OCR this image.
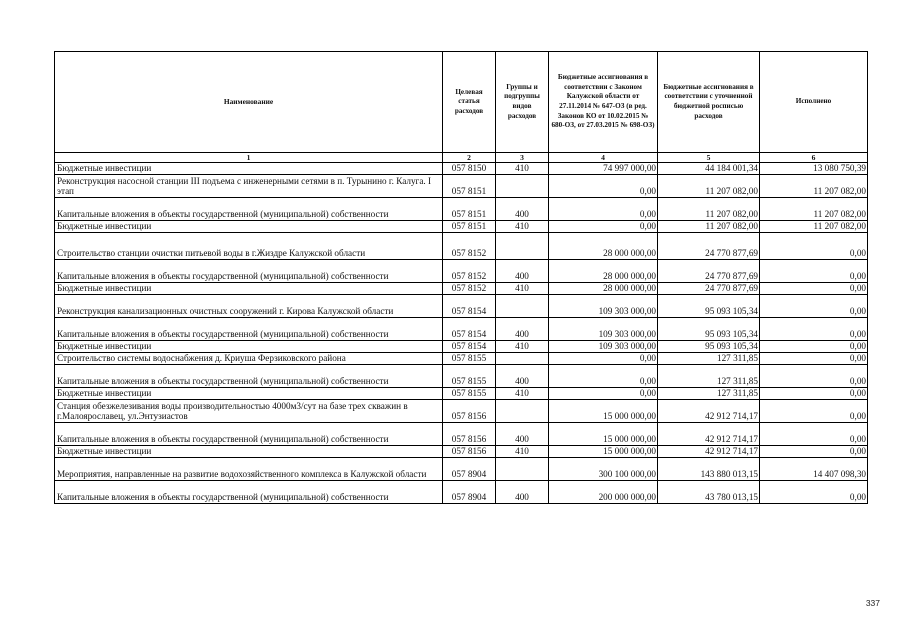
Наименование	Целевая статья расходов	Группы и подгруппы видов расходов	Бюджетные ассигнования в соответствии с Законом Калужской области от 27.11.2014 № 647-ОЗ (в ред. Законов КО от 10.02.2015 № 680-ОЗ, от 27.03.2015 № 698-ОЗ)	Бюджетные ассигнования в соответствии с уточненной бюджетной росписью расходов	Исполнено
1	2	3	4	5	6
Бюджетные инвестиции	057 8150	410	74 997 000,00	44 184 001,34	13 080 750,39
Реконструкция насосной станции III подъема с инженерными сетями в п. Турынино г. Калуга. I этап	057 8151		0,00	11 207 082,00	11 207 082,00
Капитальные вложения в объекты государственной (муниципальной) собственности	057 8151	400	0,00	11 207 082,00	11 207 082,00
Бюджетные инвестиции	057 8151	410	0,00	11 207 082,00	11 207 082,00
Строительство станции очистки питьевой воды в г.Жиздре Калужской области	057 8152		28 000 000,00	24 770 877,69	0,00
Капитальные вложения в объекты государственной (муниципальной) собственности	057 8152	400	28 000 000,00	24 770 877,69	0,00
Бюджетные инвестиции	057 8152	410	28 000 000,00	24 770 877,69	0,00
Реконструкция канализационных очистных сооружений г. Кирова Калужской области	057 8154		109 303 000,00	95 093 105,34	0,00
Капитальные вложения в объекты государственной (муниципальной) собственности	057 8154	400	109 303 000,00	95 093 105,34	0,00
Бюджетные инвестиции	057 8154	410	109 303 000,00	95 093 105,34	0,00
Строительство системы водоснабжения д. Криуша Ферзиковского района	057 8155		0,00	127 311,85	0,00
Капитальные вложения в объекты государственной (муниципальной) собственности	057 8155	400	0,00	127 311,85	0,00
Бюджетные инвестиции	057 8155	410	0,00	127 311,85	0,00
Станция обезжелезивания воды производительностью 4000м3/сут на базе трех скважин в г.Малоярославец, ул.Энтузиастов	057 8156		15 000 000,00	42 912 714,17	0,00
Капитальные вложения в объекты государственной (муниципальной) собственности	057 8156	400	15 000 000,00	42 912 714,17	0,00
Бюджетные инвестиции	057 8156	410	15 000 000,00	42 912 714,17	0,00
Мероприятия, направленные на развитие водохозяйственного комплекса в Калужской области	057 8904		300 100 000,00	143 880 013,15	14 407 098,30
Капитальные вложения в объекты государственной (муниципальной) собственности	057 8904	400	200 000 000,00	43 780 013,15	0,00
337
